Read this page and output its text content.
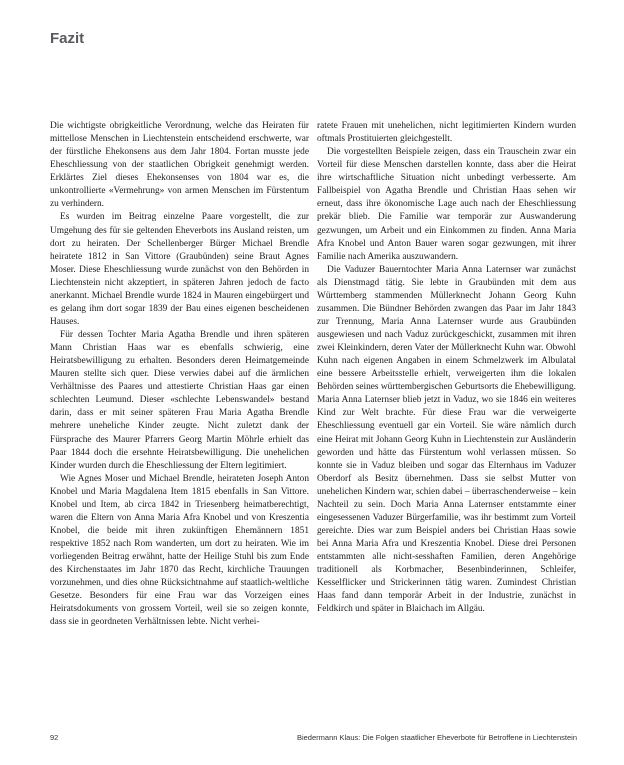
Fazit

Die wichtigste obrigkeitliche Verordnung, welche das Heiraten für mittellose Menschen in Liechtenstein entscheidend erschwerte, war der fürstliche Ehekonsens aus dem Jahr 1804. Fortan musste jede Eheschliessung von der staatlichen Obrigkeit genehmigt werden. Erklärtes Ziel dieses Ehekonsenses von 1804 war es, die unkontrollierte «Vermehrung» von armen Menschen im Fürstentum zu verhindern.

Es wurden im Beitrag einzelne Paare vorgestellt, die zur Umgehung des für sie geltenden Eheverbots ins Ausland reisten, um dort zu heiraten. Der Schellenberger Bürger Michael Brendle heiratete 1812 in San Vittore (Graubünden) seine Braut Agnes Moser. Diese Eheschliessung wurde zunächst von den Behörden in Liechtenstein nicht akzeptiert, in späteren Jahren jedoch de facto anerkannt. Michael Brendle wurde 1824 in Mauren eingebürgert und es gelang ihm dort sogar 1839 der Bau eines eigenen bescheidenen Hauses.

Für dessen Tochter Maria Agatha Brendle und ihren späteren Mann Christian Haas war es ebenfalls schwierig, eine Heiratsbewilligung zu erhalten. Besonders deren Heimatgemeinde Mauren stellte sich quer. Diese verwies dabei auf die ärmlichen Verhältnisse des Paares und attestierte Christian Haas gar einen schlechten Leumund. Dieser «schlechte Lebenswandel» bestand darin, dass er mit seiner späteren Frau Maria Agatha Brendle mehrere uneheliche Kinder zeugte. Nicht zuletzt dank der Fürsprache des Maurer Pfarrers Georg Martin Möhrle erhielt das Paar 1844 doch die ersehnte Heiratsbewilligung. Die unehelichen Kinder wurden durch die Eheschliessung der Eltern legitimiert.

Wie Agnes Moser und Michael Brendle, heirateten Joseph Anton Knobel und Maria Magdalena Item 1815 ebenfalls in San Vittore. Knobel und Item, ab circa 1842 in Triesenberg heimatberechtigt, waren die Eltern von Anna Maria Afra Knobel und von Kreszentia Knobel, die beide mit ihren zukünftigen Ehemännern 1851 respektive 1852 nach Rom wanderten, um dort zu heiraten. Wie im vorliegenden Beitrag erwähnt, hatte der Heilige Stuhl bis zum Ende des Kirchenstaates im Jahr 1870 das Recht, kirchliche Trauungen vorzunehmen, und dies ohne Rücksichtnahme auf staatlich-weltliche Gesetze. Besonders für eine Frau war das Vorzeigen eines Heiratsdokuments von grossem Vorteil, weil sie so zeigen konnte, dass sie in geordneten Verhältnissen lebte. Nicht verhei-

ratete Frauen mit unehelichen, nicht legitimierten Kindern wurden oftmals Prostituierten gleichgestellt.

Die vorgestellten Beispiele zeigen, dass ein Trauschein zwar ein Vorteil für diese Menschen darstellen konnte, dass aber die Heirat ihre wirtschaftliche Situation nicht unbedingt verbesserte. Am Fallbeispiel von Agatha Brendle und Christian Haas sehen wir erneut, dass ihre ökonomische Lage auch nach der Eheschliessung prekär blieb. Die Familie war temporär zur Auswanderung gezwungen, um Arbeit und ein Einkommen zu finden. Anna Maria Afra Knobel und Anton Bauer waren sogar gezwungen, mit ihrer Familie nach Amerika auszuwandern.

Die Vaduzer Bauerntochter Maria Anna Laternser war zunächst als Dienstmagd tätig. Sie lebte in Graubünden mit dem aus Württemberg stammenden Müllerknecht Johann Georg Kuhn zusammen. Die Bündner Behörden zwangen das Paar im Jahr 1843 zur Trennung, Maria Anna Laternser wurde aus Graubünden ausgewiesen und nach Vaduz zurückgeschickt, zusammen mit ihren zwei Kleinkindern, deren Vater der Müllerknecht Kuhn war. Obwohl Kuhn nach eigenen Angaben in einem Schmelzwerk im Albulatal eine bessere Arbeitsstelle erhielt, verweigerten ihm die lokalen Behörden seines württembergischen Geburtsorts die Ehebewilligung. Maria Anna Laternser blieb jetzt in Vaduz, wo sie 1846 ein weiteres Kind zur Welt brachte. Für diese Frau war die verweigerte Eheschliessung eventuell gar ein Vorteil. Sie wäre nämlich durch eine Heirat mit Johann Georg Kuhn in Liechtenstein zur Ausländerin geworden und hätte das Fürstentum wohl verlassen müssen. So konnte sie in Vaduz bleiben und sogar das Elternhaus im Vaduzer Oberdorf als Besitz übernehmen. Dass sie selbst Mutter von unehelichen Kindern war, schien dabei – überraschenderweise – kein Nachteil zu sein. Doch Maria Anna Laternser entstammte einer eingesessenen Vaduzer Bürgerfamilie, was ihr bestimmt zum Vorteil gereichte. Dies war zum Beispiel anders bei Christian Haas sowie bei Anna Maria Afra und Kreszentia Knobel. Diese drei Personen entstammten alle nicht-sesshaften Familien, deren Angehörige traditionell als Korbmacher, Besenbinderinnen, Schleifer, Kesselflicker und Strickerinnen tätig waren. Zumindest Christian Haas fand dann temporär Arbeit in der Industrie, zunächst in Feldkirch und später in Blaichach im Allgäu.

92	Biedermann Klaus: Die Folgen staatlicher Eheverbote für Betroffene in Liechtenstein
